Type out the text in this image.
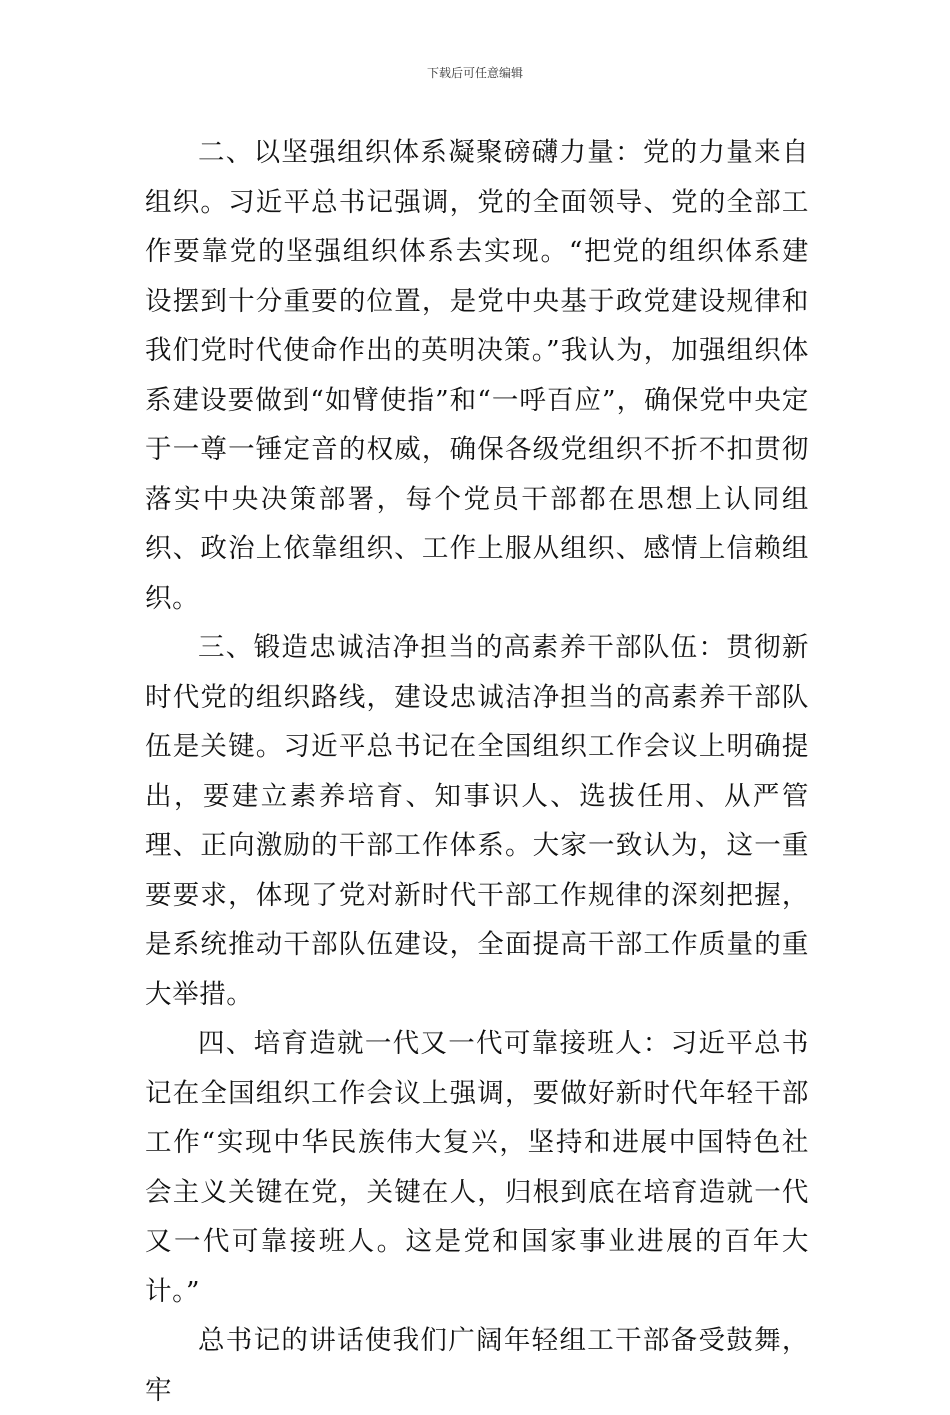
下载后可任意编辑

二、以坚强组织体系凝聚磅礴力量：党的力量来自组织。习近平总书记强调，党的全面领导、党的全部工作要靠党的坚强组织体系去实现。“把党的组织体系建设摆到十分重要的位置，是党中央基于政党建设规律和我们党时代使命作出的英明决策。”我认为，加强组织体系建设要做到“如臂使指”和“一呼百应”，确保党中央定于一尊一锤定音的权威，确保各级党组织不折不扣贯彻落实中央决策部署，每个党员干部都在思想上认同组织、政治上依靠组织、工作上服从组织、感情上信赖组织。

三、锻造忠诚洁净担当的高素养干部队伍：贯彻新时代党的组织路线，建设忠诚洁净担当的高素养干部队伍是关键。习近平总书记在全国组织工作会议上明确提出，要建立素养培育、知事识人、选拔任用、从严管理、正向激励的干部工作体系。大家一致认为，这一重要要求，体现了党对新时代干部工作规律的深刻把握，是系统推动干部队伍建设，全面提高干部工作质量的重大举措。

四、培育造就一代又一代可靠接班人：习近平总书记在全国组织工作会议上强调，要做好新时代年轻干部工作“实现中华民族伟大复兴，坚持和进展中国特色社会主义关键在党，关键在人，归根到底在培育造就一代又一代可靠接班人。这是党和国家事业进展的百年大计。”

总书记的讲话使我们广阔年轻组工干部备受鼓舞，牢
